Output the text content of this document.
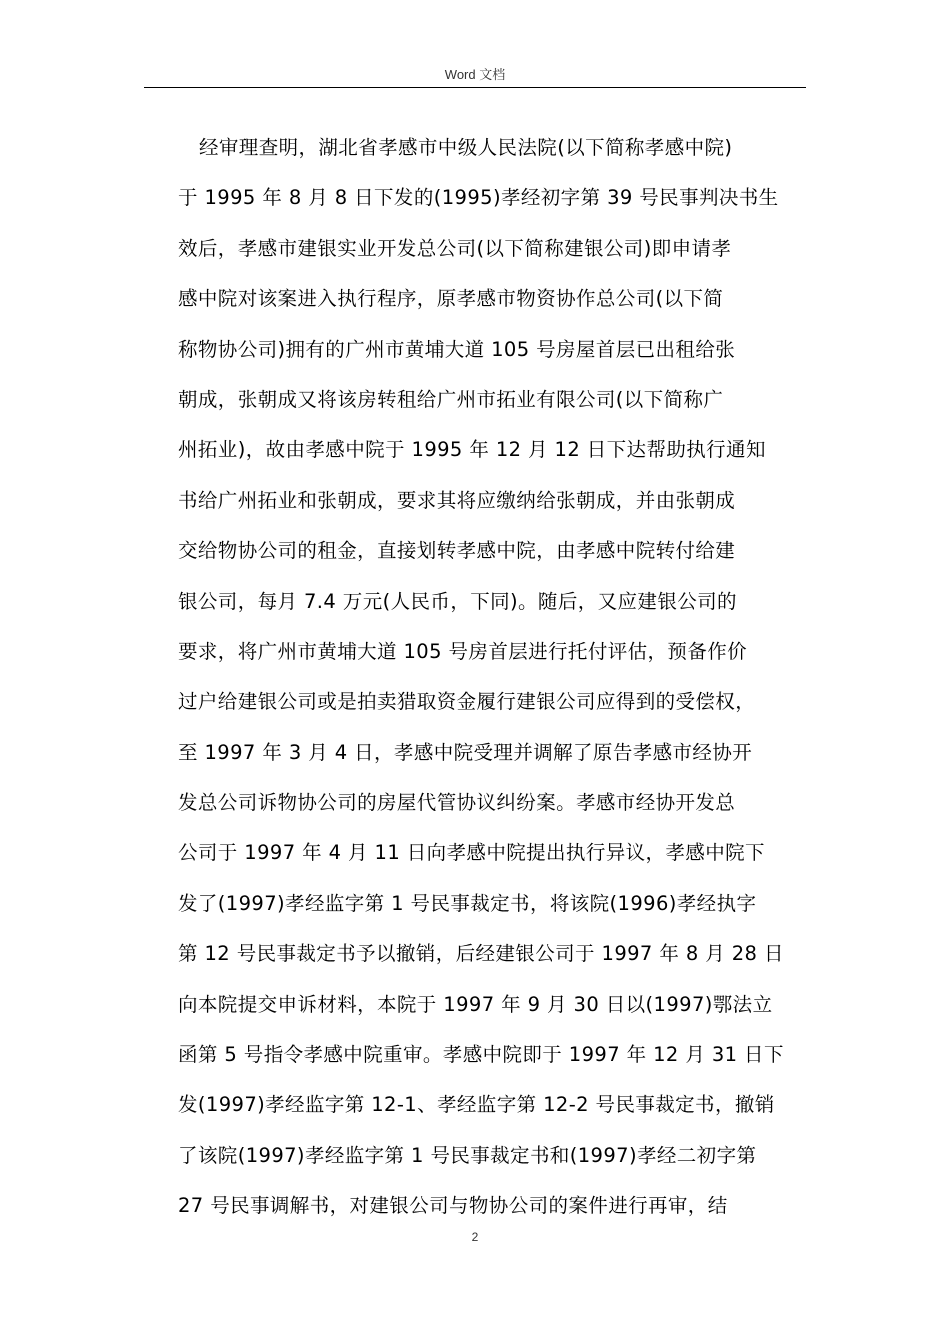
Word 文档
经审理查明，湖北省孝感市中级人民法院(以下简称孝感中院)
于 1995 年 8 月 8 日下发的(1995)孝经初字第 39 号民事判决书生
效后，孝感市建银实业开发总公司(以下简称建银公司)即申请孝
感中院对该案进入执行程序，原孝感市物资协作总公司(以下简
称物协公司)拥有的广州市黄埔大道 105 号房屋首层已出租给张
朝成，张朝成又将该房转租给广州市拓业有限公司(以下简称广
州拓业)，故由孝感中院于 1995 年 12 月 12 日下达帮助执行通知
书给广州拓业和张朝成，要求其将应缴纳给张朝成，并由张朝成
交给物协公司的租金，直接划转孝感中院，由孝感中院转付给建
银公司，每月 7.4 万元(人民币，下同)。随后，又应建银公司的
要求，将广州市黄埔大道 105 号房首层进行托付评估，预备作价
过户给建银公司或是拍卖猎取资金履行建银公司应得到的受偿权，
至 1997 年 3 月 4 日，孝感中院受理并调解了原告孝感市经协开
发总公司诉物协公司的房屋代管协议纠纷案。孝感市经协开发总
公司于 1997 年 4 月 11 日向孝感中院提出执行异议，孝感中院下
发了(1997)孝经监字第 1 号民事裁定书，将该院(1996)孝经执字
第 12 号民事裁定书予以撤销，后经建银公司于 1997 年 8 月 28 日
向本院提交申诉材料，本院于 1997 年 9 月 30 日以(1997)鄂法立
函第 5 号指令孝感中院重审。孝感中院即于 1997 年 12 月 31 日下
发(1997)孝经监字第 12-1、孝经监字第 12-2 号民事裁定书，撤销
了该院(1997)孝经监字第 1 号民事裁定书和(1997)孝经二初字第
27 号民事调解书，对建银公司与物协公司的案件进行再审，结
2
